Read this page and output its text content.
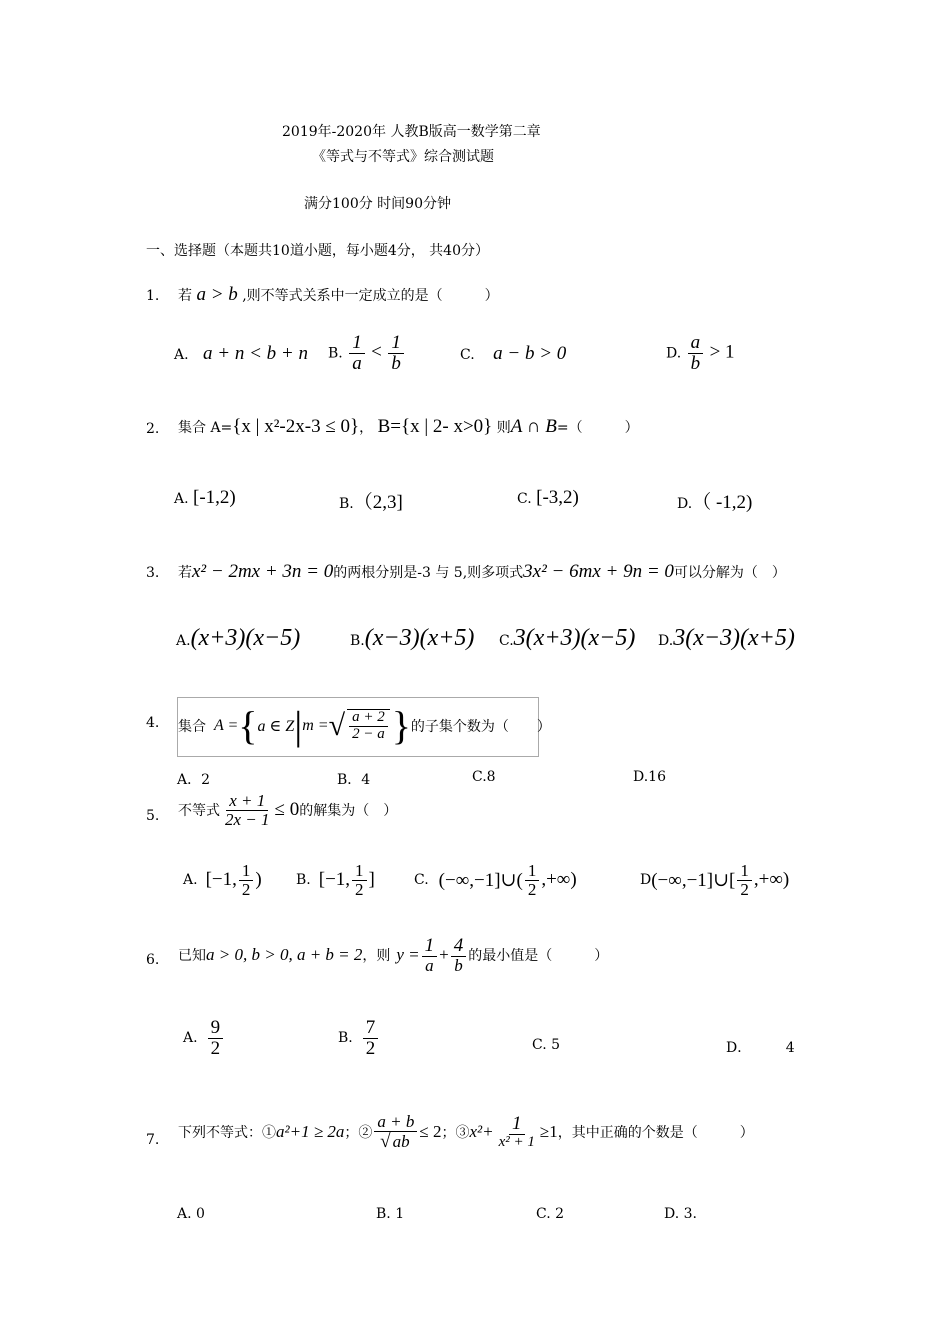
2019年-2020年 人教B版高一数学第二章
《等式与不等式》综合测试题
满分100分 时间90分钟
一、选择题（本题共10道小题，每小题4分， 共40分）
1. 若 a > b ,则不等式关系中一定成立的是（　　　）
A. a + n < b + n B. $\frac{1}{a} < \frac{1}{b}$	C. a − b > 0	D. $\frac{a}{b} > 1$
2. 集合 A={x | x²-2x-3 ≤ 0}， B={x | 2- x>0} 则A ∩ B=（　　　）
A. [-1,2)	B.（2,3]	C. [-3,2)	D.（ -1,2)
3. 若x² − 2mx + 3n = 0的两根分别是-3 与 5,则多项式3x² − 6mx + 9n = 0可以分解为（　）
A.(x+3)(x−5)	B.(x−3)(x+5) C.3(x+3)(x−5) D.3(x−3)(x+5)
4. 集合 A = { a ∈ Z | m = √ $\frac{a + 2}{2 - a}$ } 的子集个数为（　　）
A．2	B．4	C.8	D.16
5. 不等式 $\frac{x + 1}{2x - 1} \le 0$ 的解集为（　）
A. [−1, $\frac{1}{2}$ ) B. [−1, $\frac{1}{2}$ ]	C. (−∞,−1]∪( $\frac{1}{2}$ ,+∞)	D (−∞,−1]∪[ $\frac{1}{2}$ ,+∞)
6. 已知 a > 0, b > 0, a + b = 2 ，则 $y = \frac{1}{a} + \frac{4}{b}$ 的最小值是（　　　）
A. $\frac{9}{2}$	B. $\frac{7}{2}$	C. 5	D． 4
7. 下列不等式：① a²+1 ≥ 2a ；② $\frac{a + b}{√ ab} \le 2$ ；③ $x^2+ \frac{1}{\text{x² + 1}} \ge 1$ ，其中正确的个数是（　　　）
A. 0	B. 1	C. 2	D. 3.
